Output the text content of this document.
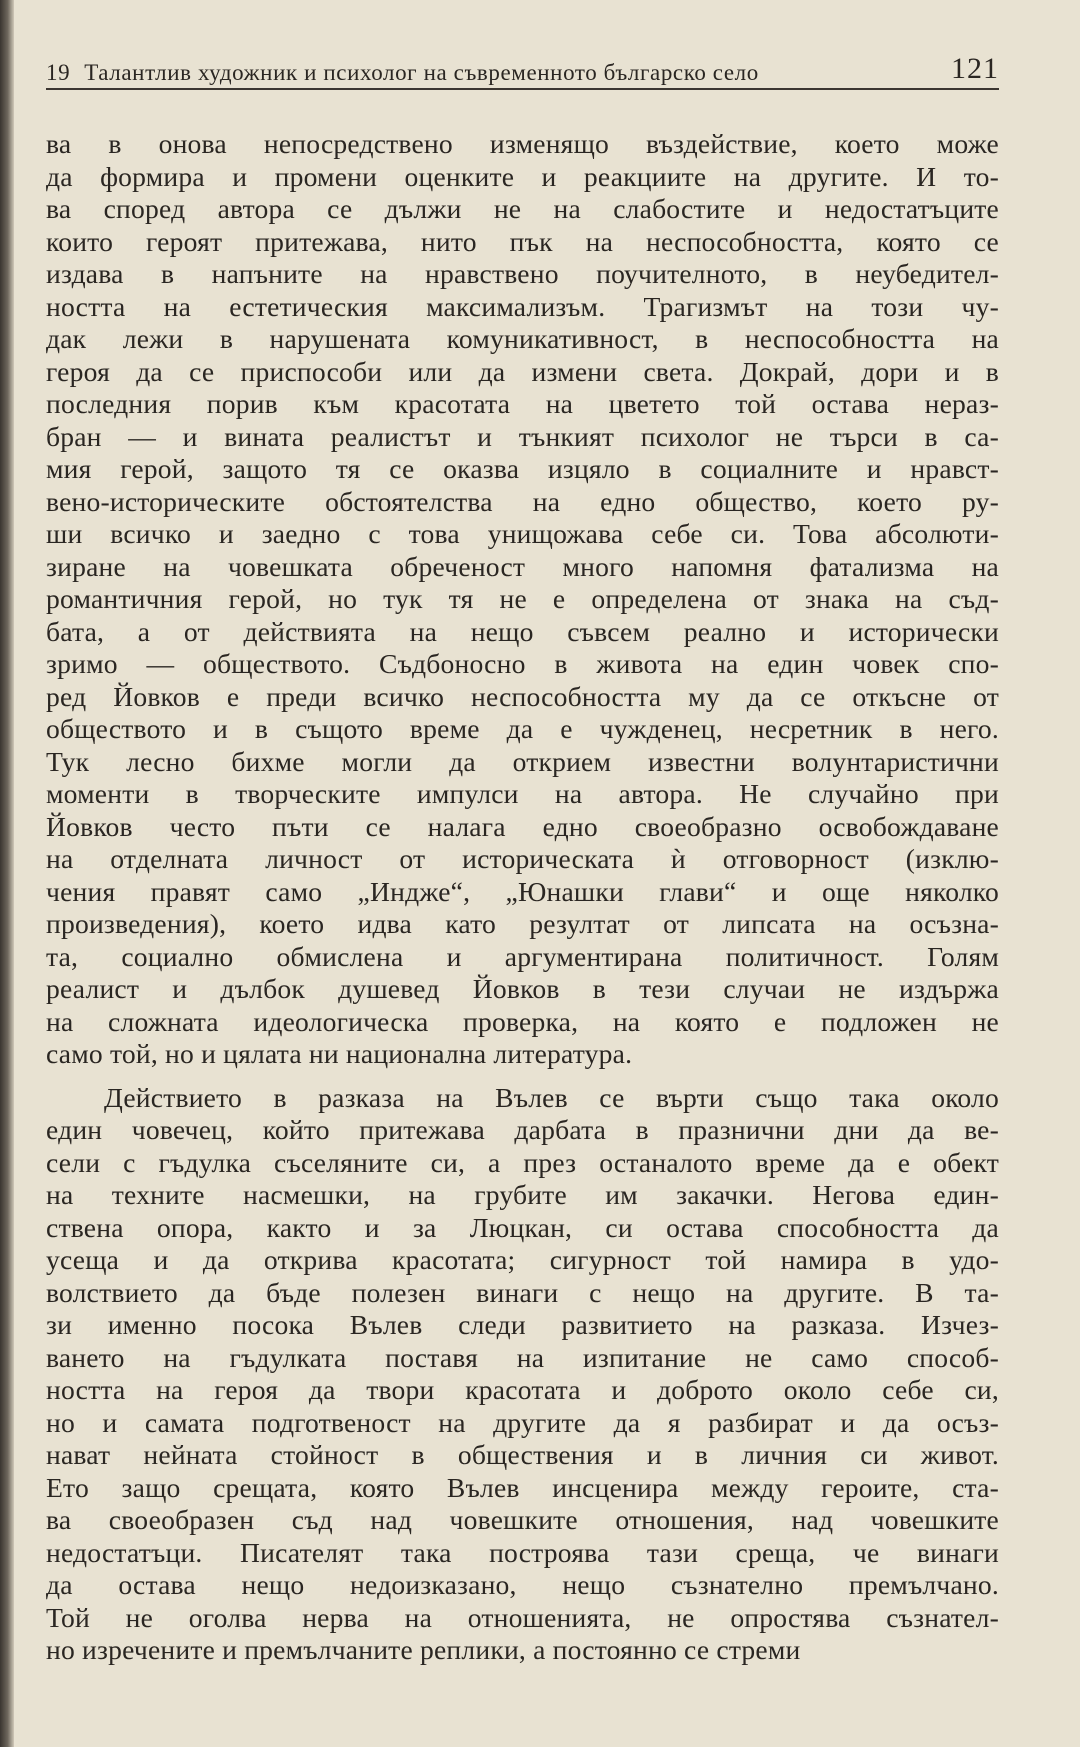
19 Талантлив художник и психолог на съвременното българско село	121

ва в онова непосредствено изменящо въздействие, което може

да формира и промени оценките и реакциите на другите. И то-

ва според автора се дължи не на слабостите и недостатъците

които героят притежава, нито пък на неспособността, която се

издава в напъните на нравствено поучителното, в неубедител-

ността на естетическия максимализъм. Трагизмът на този чу-

дак лежи в нарушената комуникативност, в неспособността на

героя да се приспособи или да измени света. Докрай, дори и в

последния порив към красотата на цветето той остава нераз-

бран — и вината реалистът и тънкият психолог не търси в са-

мия герой, защото тя се оказва изцяло в социалните и нравст-

вено-историческите обстоятелства на едно общество, което ру-

ши всичко и заедно с това унищожава себе си. Това абсолюти-

зиране на човешката обреченост много напомня фатализма на

романтичния герой, но тук тя не е определена от знака на съд-

бата, а от действията на нещо съвсем реално и исторически

зримо — обществото. Съдбоносно в живота на един човек спо-

ред Йовков е преди всичко неспособността му да се откъсне от

обществото и в същото време да е чужденец, несретник в него.

Тук лесно бихме могли да открием известни волунтаристични

моменти в творческите импулси на автора. Не случайно при

Йовков често пъти се налага едно своеобразно освобождаване

на отделната личност от историческата ѝ отговорност (изклю-

чения правят само „Индже“, „Юнашки глави“ и още няколко

произведения), което идва като резултат от липсата на осъзна-

та, социално обмислена и аргументирана политичност. Голям

реалист и дълбок душевед Йовков в тези случаи не издържа

на сложната идеологическа проверка, на която е подложен не

само той, но и цялата ни национална литература.

Действието в разказа на Вълев се върти също така около

един човечец, който притежава дарбата в празнични дни да ве-

сели с гъдулка съселяните си, а през останалото време да е обект

на техните насмешки, на грубите им закачки. Негова един-

ствена опора, както и за Люцкан, си остава способността да

усеща и да открива красотата; сигурност той намира в удо-

волствието да бъде полезен винаги с нещо на другите. В та-

зи именно посока Вълев следи развитието на разказа. Изчез-

ването на гъдулката поставя на изпитание не само способ-

ността на героя да твори красотата и доброто около себе си,

но и самата подготвеност на другите да я разбират и да осъз-

нават нейната стойност в обществения и в личния си живот.

Ето защо срещата, която Вълев инсценира между героите, ста-

ва своеобразен съд над човешките отношения, над човешките

недостатъци. Писателят така построява тази среща, че винаги

да остава нещо недоизказано, нещо съзнателно премълчано.

Той не оголва нерва на отношенията, не опростява съзнател-

но изречените и премълчаните реплики, а постоянно се стреми
